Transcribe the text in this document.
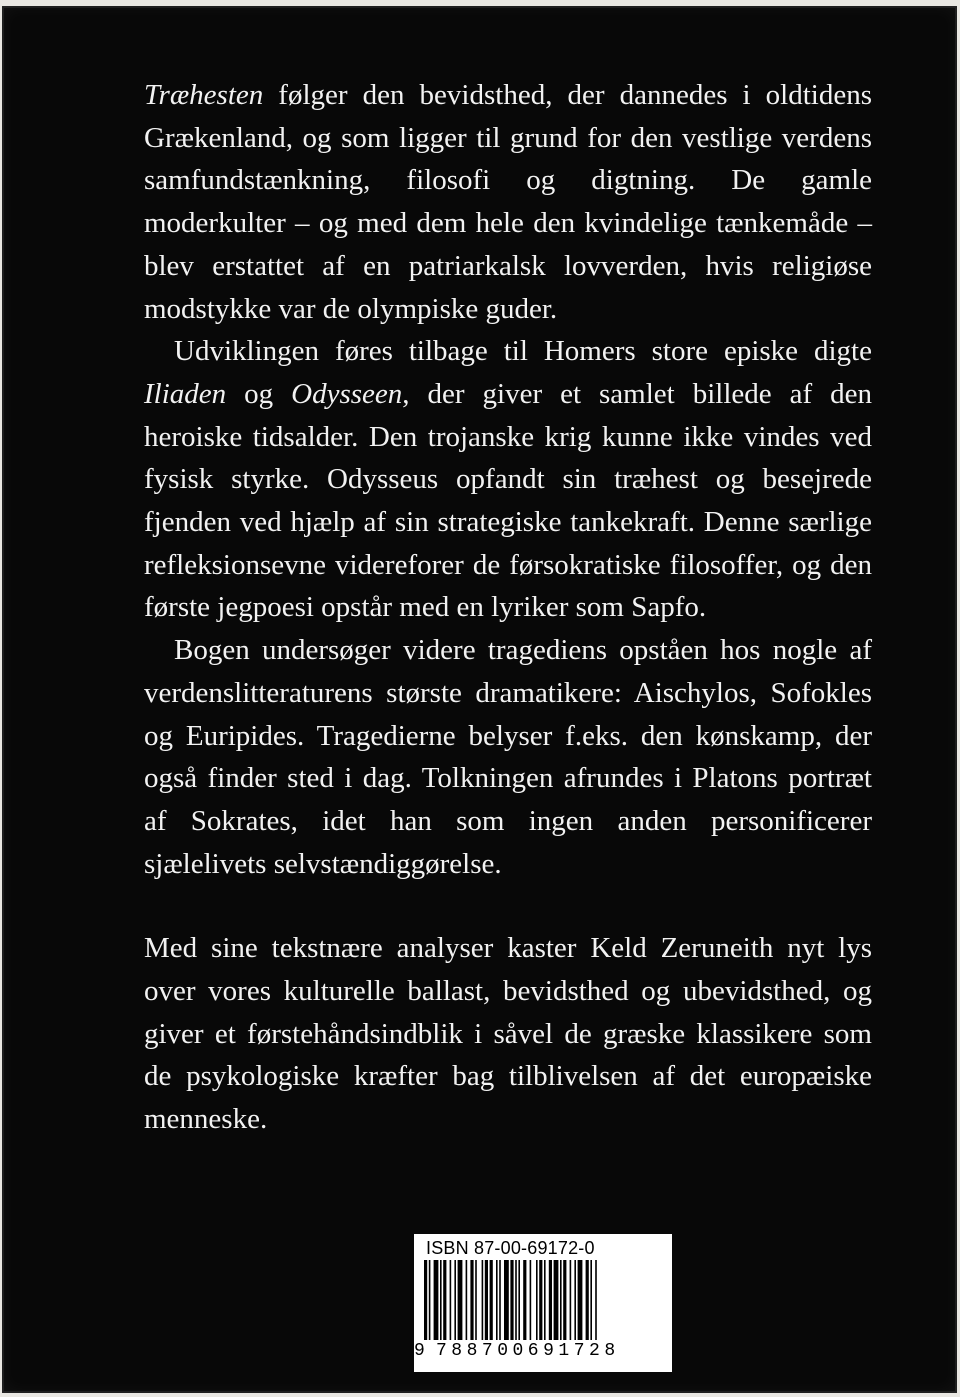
Træhesten følger den bevidsthed, der dannedes i oldtidens Grækenland, og som ligger til grund for den vestlige verdens samfundstænkning, filosofi og digtning. De gamle moderkulter – og med dem hele den kvindelige tænkemåde – blev erstattet af en patriarkalsk lovverden, hvis religiøse modstykke var de olympiske guder.

Udviklingen føres tilbage til Homers store episke digte Iliaden og Odysseen, der giver et samlet billede af den heroiske tidsalder. Den trojanske krig kunne ikke vindes ved fysisk styrke. Odysseus opfandt sin træhest og besejrede fjenden ved hjælp af sin strategiske tankekraft. Denne særlige refleksionsevne videreforer de førsokratiske filosoffer, og den første jegpoesi opstår med en lyriker som Sapfo.

Bogen undersøger videre tragediens opståen hos nogle af verdenslitteraturens største dramatikere: Aischylos, Sofokles og Euripides. Tragedierne belyser f.eks. den kønskamp, der også finder sted i dag. Tolkningen afrundes i Platons portræt af Sokrates, idet han som ingen anden personificerer sjælelivets selvstændiggørelse.

Med sine tekstnære analyser kaster Keld Zeruneith nyt lys over vores kulturelle ballast, bevidsthed og ubevidsthed, og giver et førstehåndsindblik i såvel de græske klassikere som de psykologiske kræfter bag tilblivelsen af det europæiske menneske.

ISBN 87-00-69172-0
9 788700691728
